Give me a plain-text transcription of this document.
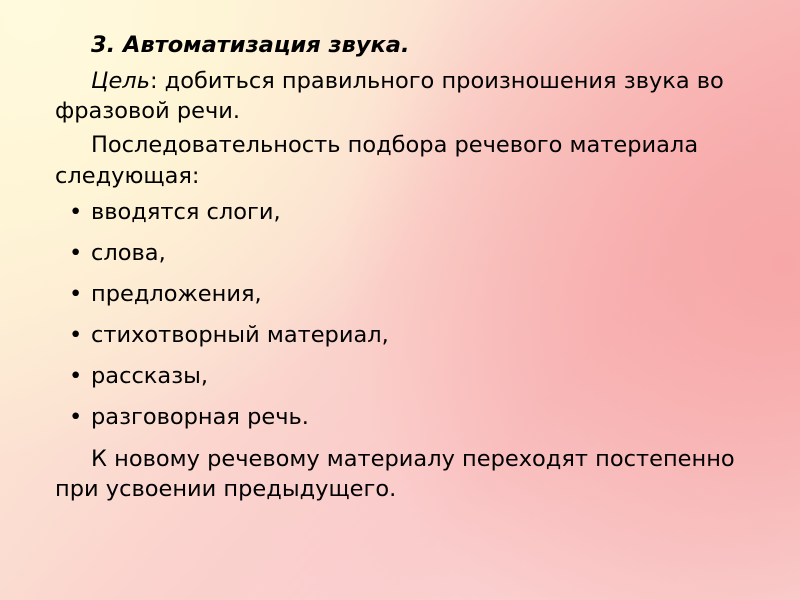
3. Автоматизация звука.

Цель: добиться правильного произношения звука во фразовой речи.

Последовательность подбора речевого материала следующая:

• вводятся слоги,
• слова,
• предложения,
• стихотворный материал,
• рассказы,
• разговорная речь.

К новому речевому материалу переходят постепенно при усвоении предыдущего.
